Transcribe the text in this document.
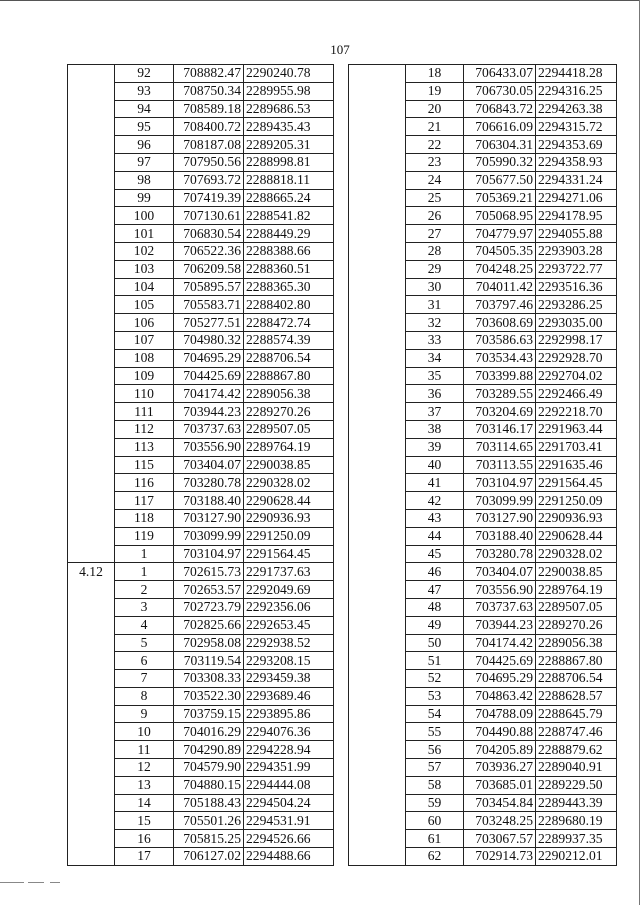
107
	92	708882.47	2290240.78
	93	708750.34	2289955.98
	94	708589.18	2289686.53
	95	708400.72	2289435.43
	96	708187.08	2289205.31
	97	707950.56	2288998.81
	98	707693.72	2288818.11
	99	707419.39	2288665.24
	100	707130.61	2288541.82
	101	706830.54	2288449.29
	102	706522.36	2288388.66
	103	706209.58	2288360.51
	104	705895.57	2288365.30
	105	705583.71	2288402.80
	106	705277.51	2288472.74
	107	704980.32	2288574.39
	108	704695.29	2288706.54
	109	704425.69	2288867.80
	110	704174.42	2289056.38
	111	703944.23	2289270.26
	112	703737.63	2289507.05
	113	703556.90	2289764.19
	115	703404.07	2290038.85
	116	703280.78	2290328.02
	117	703188.40	2290628.44
	118	703127.90	2290936.93
	119	703099.99	2291250.09
	1	703104.97	2291564.45
4.12	1	702615.73	2291737.63
	2	702653.57	2292049.69
	3	702723.79	2292356.06
	4	702825.66	2292653.45
	5	702958.08	2292938.52
	6	703119.54	2293208.15
	7	703308.33	2293459.38
	8	703522.30	2293689.46
	9	703759.15	2293895.86
	10	704016.29	2294076.36
	11	704290.89	2294228.94
	12	704579.90	2294351.99
	13	704880.15	2294444.08
	14	705188.43	2294504.24
	15	705501.26	2294531.91
	16	705815.25	2294526.66
	17	706127.02	2294488.66
	18	706433.07	2294418.28
	19	706730.05	2294316.25
	20	706843.72	2294263.38
	21	706616.09	2294315.72
	22	706304.31	2294353.69
	23	705990.32	2294358.93
	24	705677.50	2294331.24
	25	705369.21	2294271.06
	26	705068.95	2294178.95
	27	704779.97	2294055.88
	28	704505.35	2293903.28
	29	704248.25	2293722.77
	30	704011.42	2293516.36
	31	703797.46	2293286.25
	32	703608.69	2293035.00
	33	703586.63	2292998.17
	34	703534.43	2292928.70
	35	703399.88	2292704.02
	36	703289.55	2292466.49
	37	703204.69	2292218.70
	38	703146.17	2291963.44
	39	703114.65	2291703.41
	40	703113.55	2291635.46
	41	703104.97	2291564.45
	42	703099.99	2291250.09
	43	703127.90	2290936.93
	44	703188.40	2290628.44
	45	703280.78	2290328.02
	46	703404.07	2290038.85
	47	703556.90	2289764.19
	48	703737.63	2289507.05
	49	703944.23	2289270.26
	50	704174.42	2289056.38
	51	704425.69	2288867.80
	52	704695.29	2288706.54
	53	704863.42	2288628.57
	54	704788.09	2288645.79
	55	704490.88	2288747.46
	56	704205.89	2288879.62
	57	703936.27	2289040.91
	58	703685.01	2289229.50
	59	703454.84	2289443.39
	60	703248.25	2289680.19
	61	703067.57	2289937.35
	62	702914.73	2290212.01
